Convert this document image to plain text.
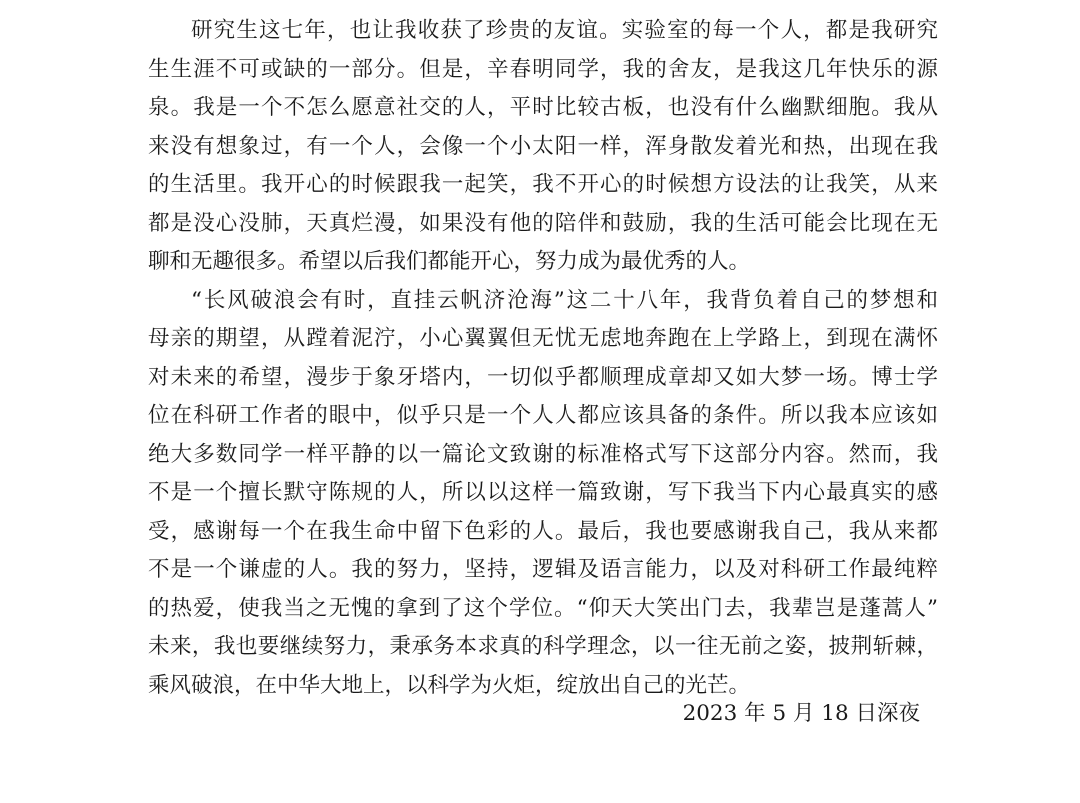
研究生这七年，也让我收获了珍贵的友谊。实验室的每一个人，都是我研究
生生涯不可或缺的一部分。但是，辛春明同学，我的舍友，是我这几年快乐的源
泉。我是一个不怎么愿意社交的人，平时比较古板，也没有什么幽默细胞。我从
来没有想象过，有一个人，会像一个小太阳一样，浑身散发着光和热，出现在我
的生活里。我开心的时候跟我一起笑，我不开心的时候想方设法的让我笑，从来
都是没心没肺，天真烂漫，如果没有他的陪伴和鼓励，我的生活可能会比现在无
聊和无趣很多。希望以后我们都能开心，努力成为最优秀的人。
“长风破浪会有时，直挂云帆济沧海”这二十八年，我背负着自己的梦想和
母亲的期望，从蹚着泥泞，小心翼翼但无忧无虑地奔跑在上学路上，到现在满怀
对未来的希望，漫步于象牙塔内，一切似乎都顺理成章却又如大梦一场。博士学
位在科研工作者的眼中，似乎只是一个人人都应该具备的条件。所以我本应该如
绝大多数同学一样平静的以一篇论文致谢的标准格式写下这部分内容。然而，我
不是一个擅长默守陈规的人，所以以这样一篇致谢，写下我当下内心最真实的感
受，感谢每一个在我生命中留下色彩的人。最后，我也要感谢我自己，我从来都
不是一个谦虚的人。我的努力，坚持，逻辑及语言能力，以及对科研工作最纯粹
的热爱，使我当之无愧的拿到了这个学位。“仰天大笑出门去，我辈岂是蓬蒿人”
未来，我也要继续努力，秉承务本求真的科学理念，以一往无前之姿，披荆斩棘，
乘风破浪，在中华大地上，以科学为火炬，绽放出自己的光芒。
2023 年 5 月 18 日深夜
